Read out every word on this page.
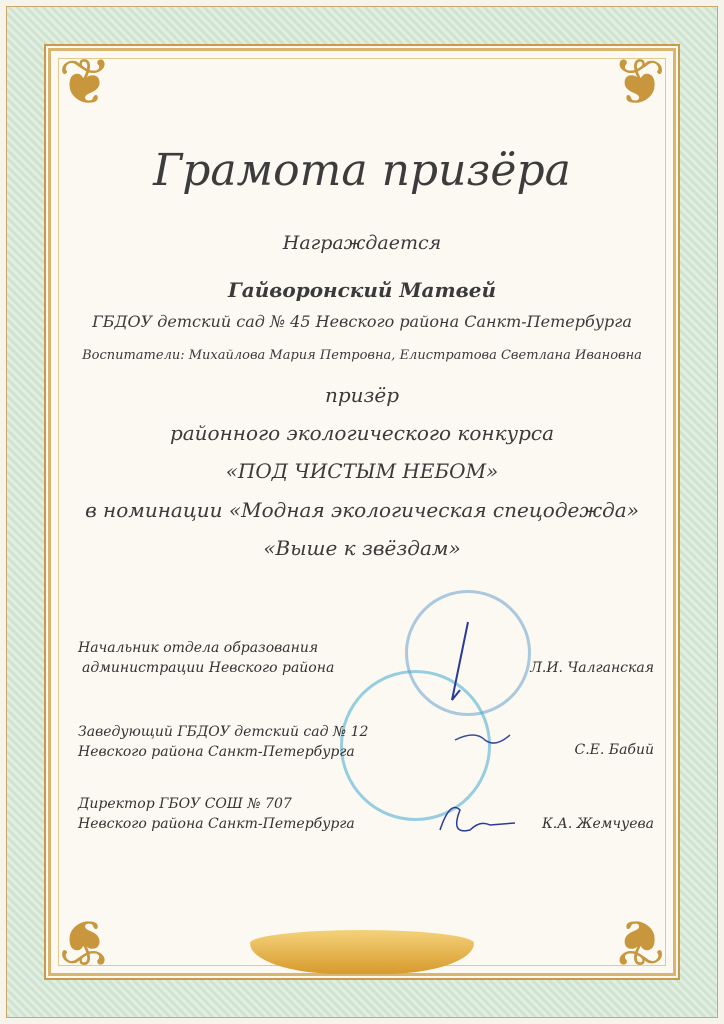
❦	❦
❦	❦
Грамота призёра
Награждается
Гайворонский Матвей
ГБДОУ детский сад № 45 Невского района Санкт-Петербурга
Воспитатели: Михайлова Мария Петровна, Елистратова Светлана Ивановна
призёр
районного экологического конкурса
«ПОД ЧИСТЫМ НЕБОМ»
в номинации «Модная экологическая спецодежда»
«Выше к звёздам»
Начальник отдела образования
администрации Невского района	Л.И. Чалганская
Заведующий ГБДОУ детский сад № 12
Невского района Санкт-Петербурга	С.Е. Бабий
Директор ГБОУ СОШ № 707
Невского района Санкт-Петербурга	К.А. Жемчуева
